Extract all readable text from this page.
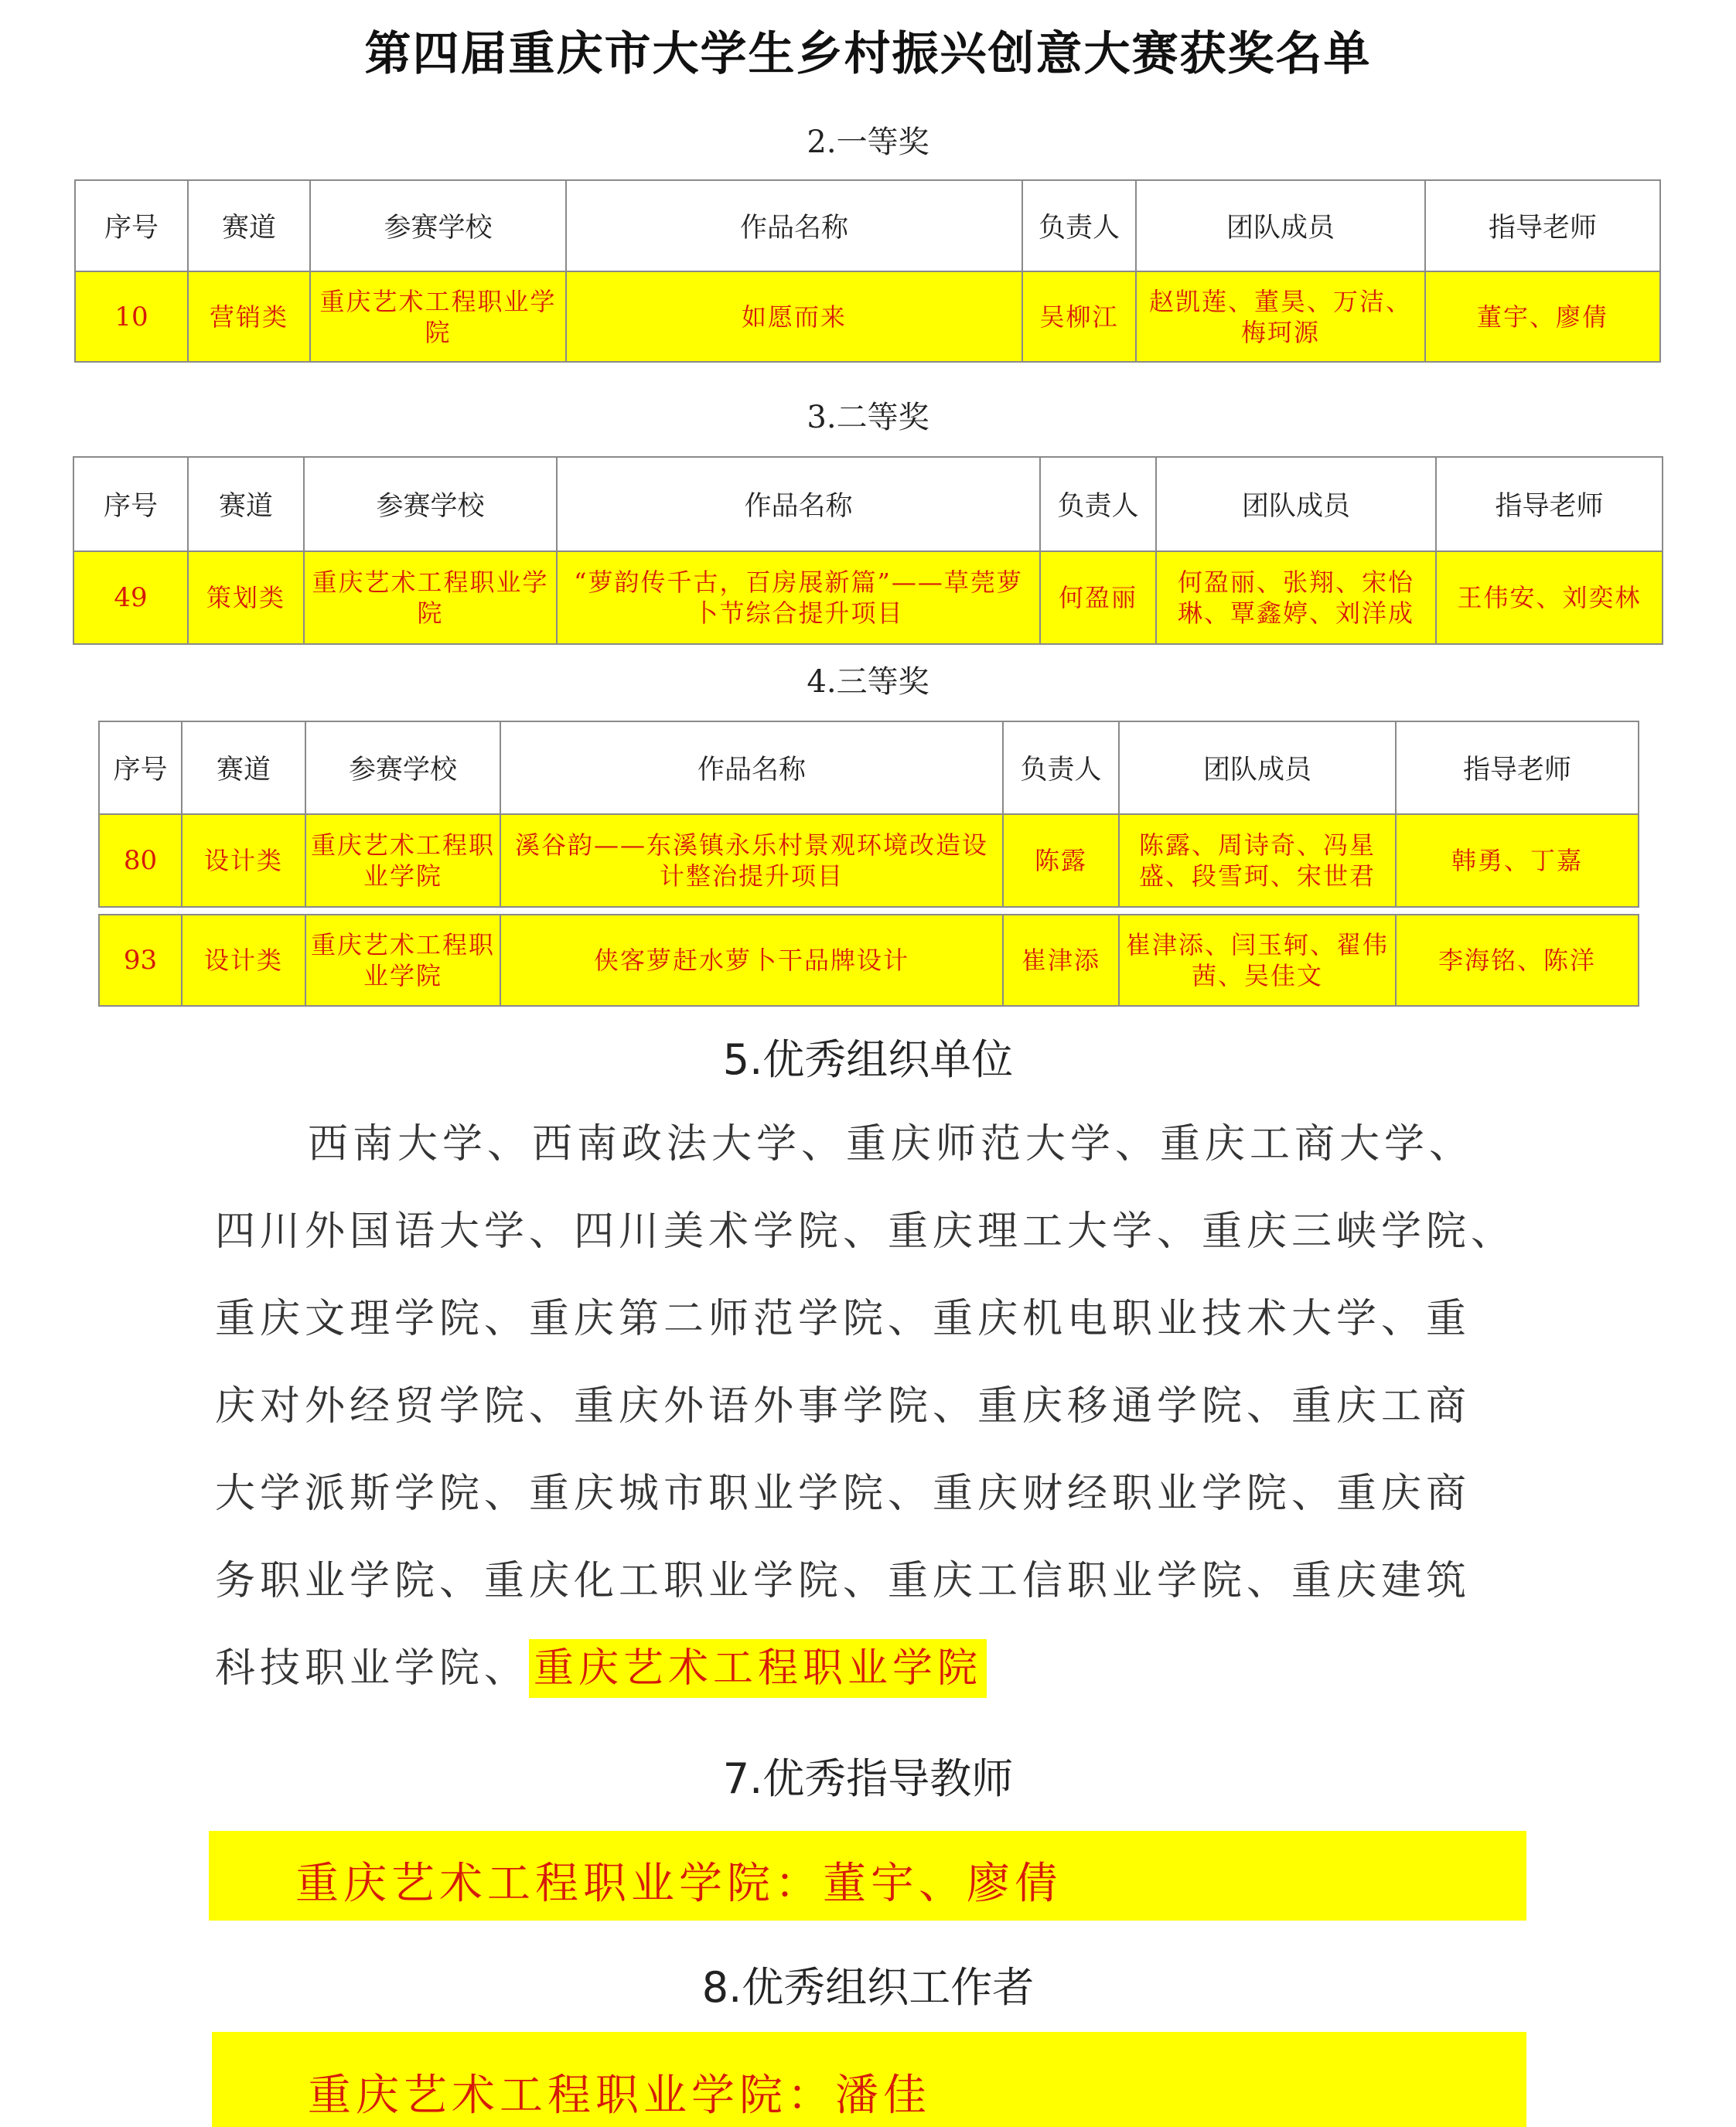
第四届重庆市大学生乡村振兴创意大赛获奖名单
2.一等奖
序号	赛道	参赛学校	作品名称	负责人	团队成员	指导老师
10	营销类	重庆艺术工程职业学院	如愿而来	吴柳江	赵凯莲、董昊、万洁、梅珂源	董宇、廖倩
3.二等奖
序号	赛道	参赛学校	作品名称	负责人	团队成员	指导老师
49	策划类	重庆艺术工程职业学院	“萝韵传千古，百房展新篇”——草莞萝卜节综合提升项目	何盈丽	何盈丽、张翔、宋怡琳、覃鑫婷、刘洋成	王伟安、刘奕林
4.三等奖
序号	赛道	参赛学校	作品名称	负责人	团队成员	指导老师
80	设计类	重庆艺术工程职业学院	溪谷韵——东溪镇永乐村景观环境改造设计整治提升项目	陈露	陈露、周诗奇、冯星盛、段雪珂、宋世君	韩勇、丁嘉

93	设计类	重庆艺术工程职业学院	侠客萝赶水萝卜干品牌设计	崔津添	崔津添、闫玉轲、翟伟茜、吴佳文	李海铭、陈洋
5.优秀组织单位
西南大学、西南政法大学、重庆师范大学、重庆工商大学、
四川外国语大学、四川美术学院、重庆理工大学、重庆三峡学院、
重庆文理学院、重庆第二师范学院、重庆机电职业技术大学、重
庆对外经贸学院、重庆外语外事学院、重庆移通学院、重庆工商
大学派斯学院、重庆城市职业学院、重庆财经职业学院、重庆商
务职业学院、重庆化工职业学院、重庆工信职业学院、重庆建筑
科技职业学院、 重庆艺术工程职业学院
7.优秀指导教师
重庆艺术工程职业学院：董宇、廖倩
8.优秀组织工作者
重庆艺术工程职业学院：潘佳
